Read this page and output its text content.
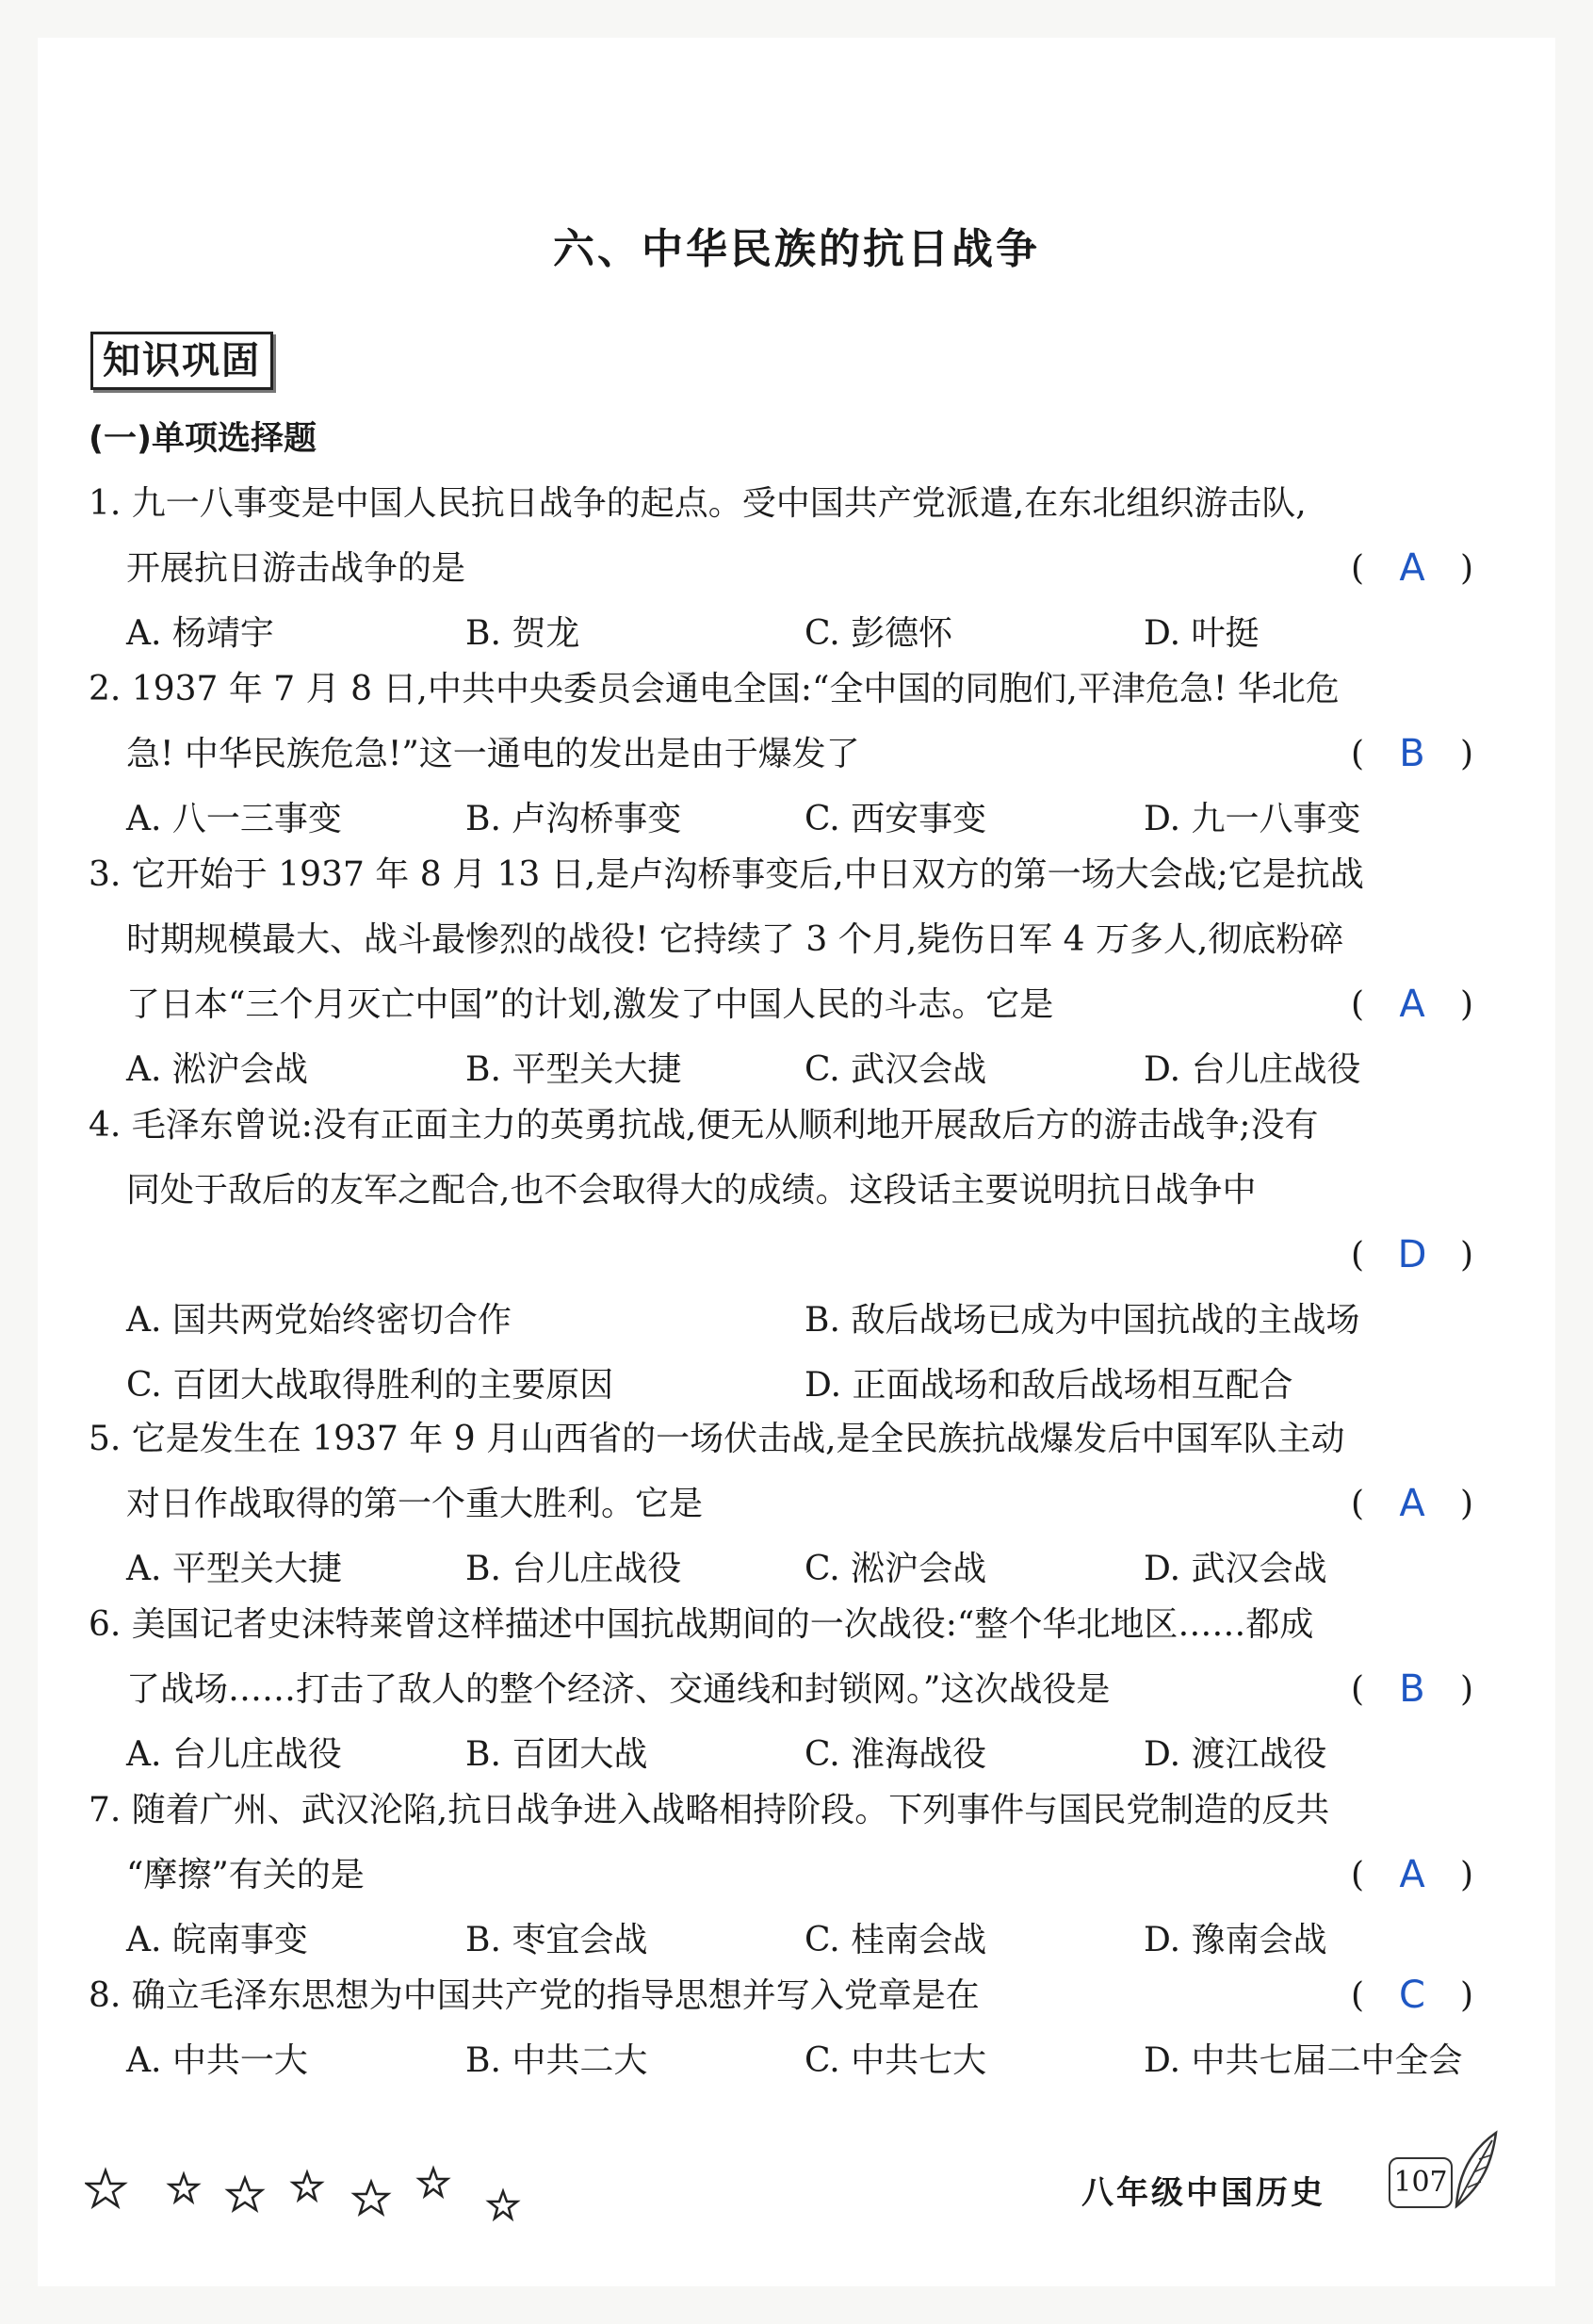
六、中华民族的抗日战争
知识巩固
(一)单项选择题
1. 九一八事变是中国人民抗日战争的起点。受中国共产党派遣,在东北组织游击队,
开展抗日游击战争的是	( A )
A. 杨靖宇	B. 贺龙	C. 彭德怀	D. 叶挺
2. 1937 年 7 月 8 日,中共中央委员会通电全国:“全中国的同胞们,平津危急! 华北危
急! 中华民族危急!”这一通电的发出是由于爆发了	( B )
A. 八一三事变	B. 卢沟桥事变	C. 西安事变	D. 九一八事变
3. 它开始于 1937 年 8 月 13 日,是卢沟桥事变后,中日双方的第一场大会战;它是抗战
时期规模最大、战斗最惨烈的战役! 它持续了 3 个月,毙伤日军 4 万多人,彻底粉碎
了日本“三个月灭亡中国”的计划,激发了中国人民的斗志。它是	( A )
A. 淞沪会战	B. 平型关大捷	C. 武汉会战	D. 台儿庄战役
4. 毛泽东曾说:没有正面主力的英勇抗战,便无从顺利地开展敌后方的游击战争;没有
同处于敌后的友军之配合,也不会取得大的成绩。这段话主要说明抗日战争中
( D )
A. 国共两党始终密切合作	B. 敌后战场已成为中国抗战的主战场
C. 百团大战取得胜利的主要原因	D. 正面战场和敌后战场相互配合
5. 它是发生在 1937 年 9 月山西省的一场伏击战,是全民族抗战爆发后中国军队主动
对日作战取得的第一个重大胜利。它是	( A )
A. 平型关大捷	B. 台儿庄战役	C. 淞沪会战	D. 武汉会战
6. 美国记者史沫特莱曾这样描述中国抗战期间的一次战役:“整个华北地区……都成
了战场……打击了敌人的整个经济、交通线和封锁网。”这次战役是	( B )
A. 台儿庄战役	B. 百团大战	C. 淮海战役	D. 渡江战役
7. 随着广州、武汉沦陷,抗日战争进入战略相持阶段。下列事件与国民党制造的反共
“摩擦”有关的是	( A )
A. 皖南事变	B. 枣宜会战	C. 桂南会战	D. 豫南会战
8. 确立毛泽东思想为中国共产党的指导思想并写入党章是在	( C )
A. 中共一大	B. 中共二大	C. 中共七大	D. 中共七届二中全会
八年级中国历史 107
